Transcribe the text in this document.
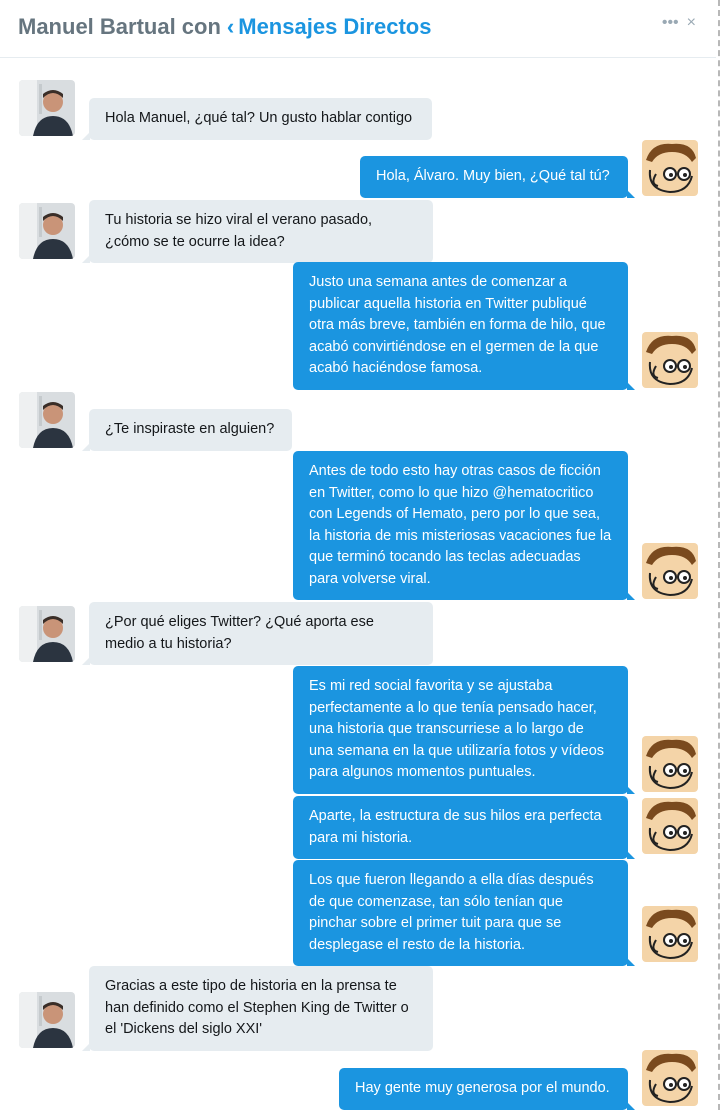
Manuel Bartual con ‹ Mensajes Directos	••• ×
Hola Manuel, ¿qué tal? Un gusto hablar contigo
Hola, Álvaro. Muy bien, ¿Qué tal tú?
Tu historia se hizo viral el verano pasado, ¿cómo se te ocurre la idea?
Justo una semana antes de comenzar a publicar aquella historia en Twitter publiqué otra más breve, también en forma de hilo, que acabó convirtiéndose en el germen de la que acabó haciéndose famosa.
¿Te inspiraste en alguien?
Antes de todo esto hay otras casos de ficción en Twitter, como lo que hizo @hematocritico con Legends of Hemato, pero por lo que sea, la historia de mis misteriosas vacaciones fue la que terminó tocando las teclas adecuadas para volverse viral.
¿Por qué eliges Twitter? ¿Qué aporta ese medio a tu historia?
Es mi red social favorita y se ajustaba perfectamente a lo que tenía pensado hacer, una historia que transcurriese a lo largo de una semana en la que utilizaría fotos y vídeos para algunos momentos puntuales.
Aparte, la estructura de sus hilos era perfecta para mi historia.
Los que fueron llegando a ella días después de que comenzase, tan sólo tenían que pinchar sobre el primer tuit para que se desplegase el resto de la historia.
Gracias a este tipo de historia en la prensa te han definido como el Stephen King de Twitter o el 'Dickens del siglo XXI'
Hay gente muy generosa por el mundo.
